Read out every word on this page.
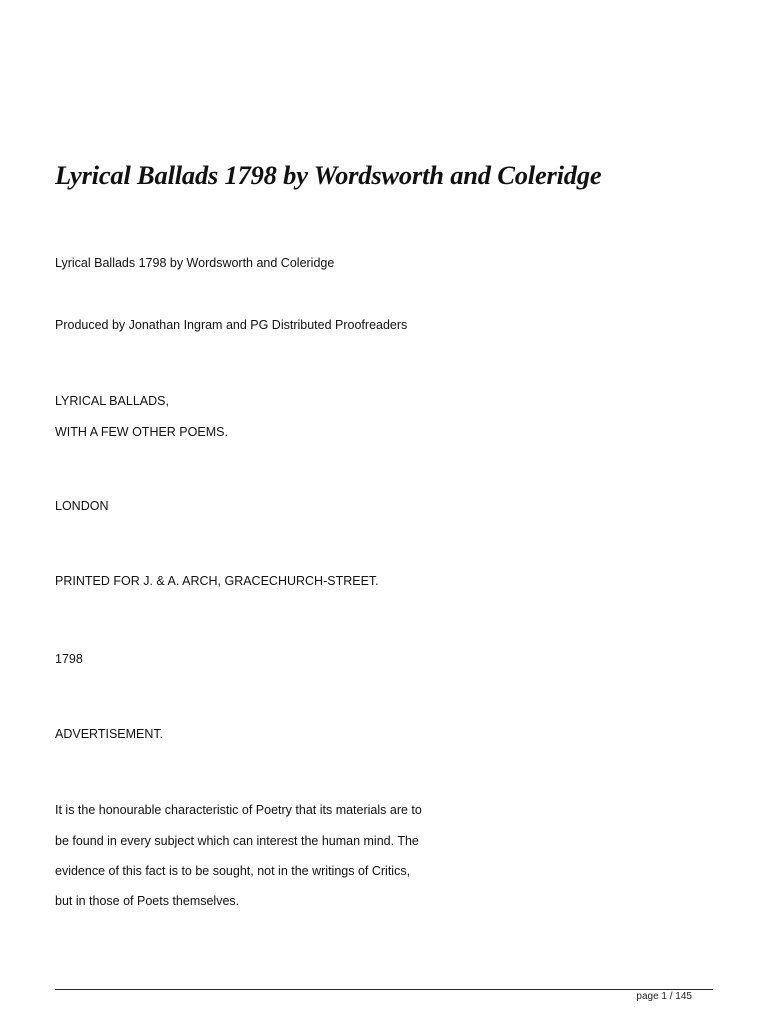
Lyrical Ballads 1798 by Wordsworth and Coleridge

Lyrical Ballads 1798 by Wordsworth and Coleridge

Produced by Jonathan Ingram and PG Distributed Proofreaders

LYRICAL BALLADS,

WITH A FEW OTHER POEMS.

LONDON

PRINTED FOR J. & A. ARCH, GRACECHURCH-STREET.

1798

ADVERTISEMENT.

It is the honourable characteristic of Poetry that its materials are to

be found in every subject which can interest the human mind. The

evidence of this fact is to be sought, not in the writings of Critics,

but in those of Poets themselves.

page 1 / 145
